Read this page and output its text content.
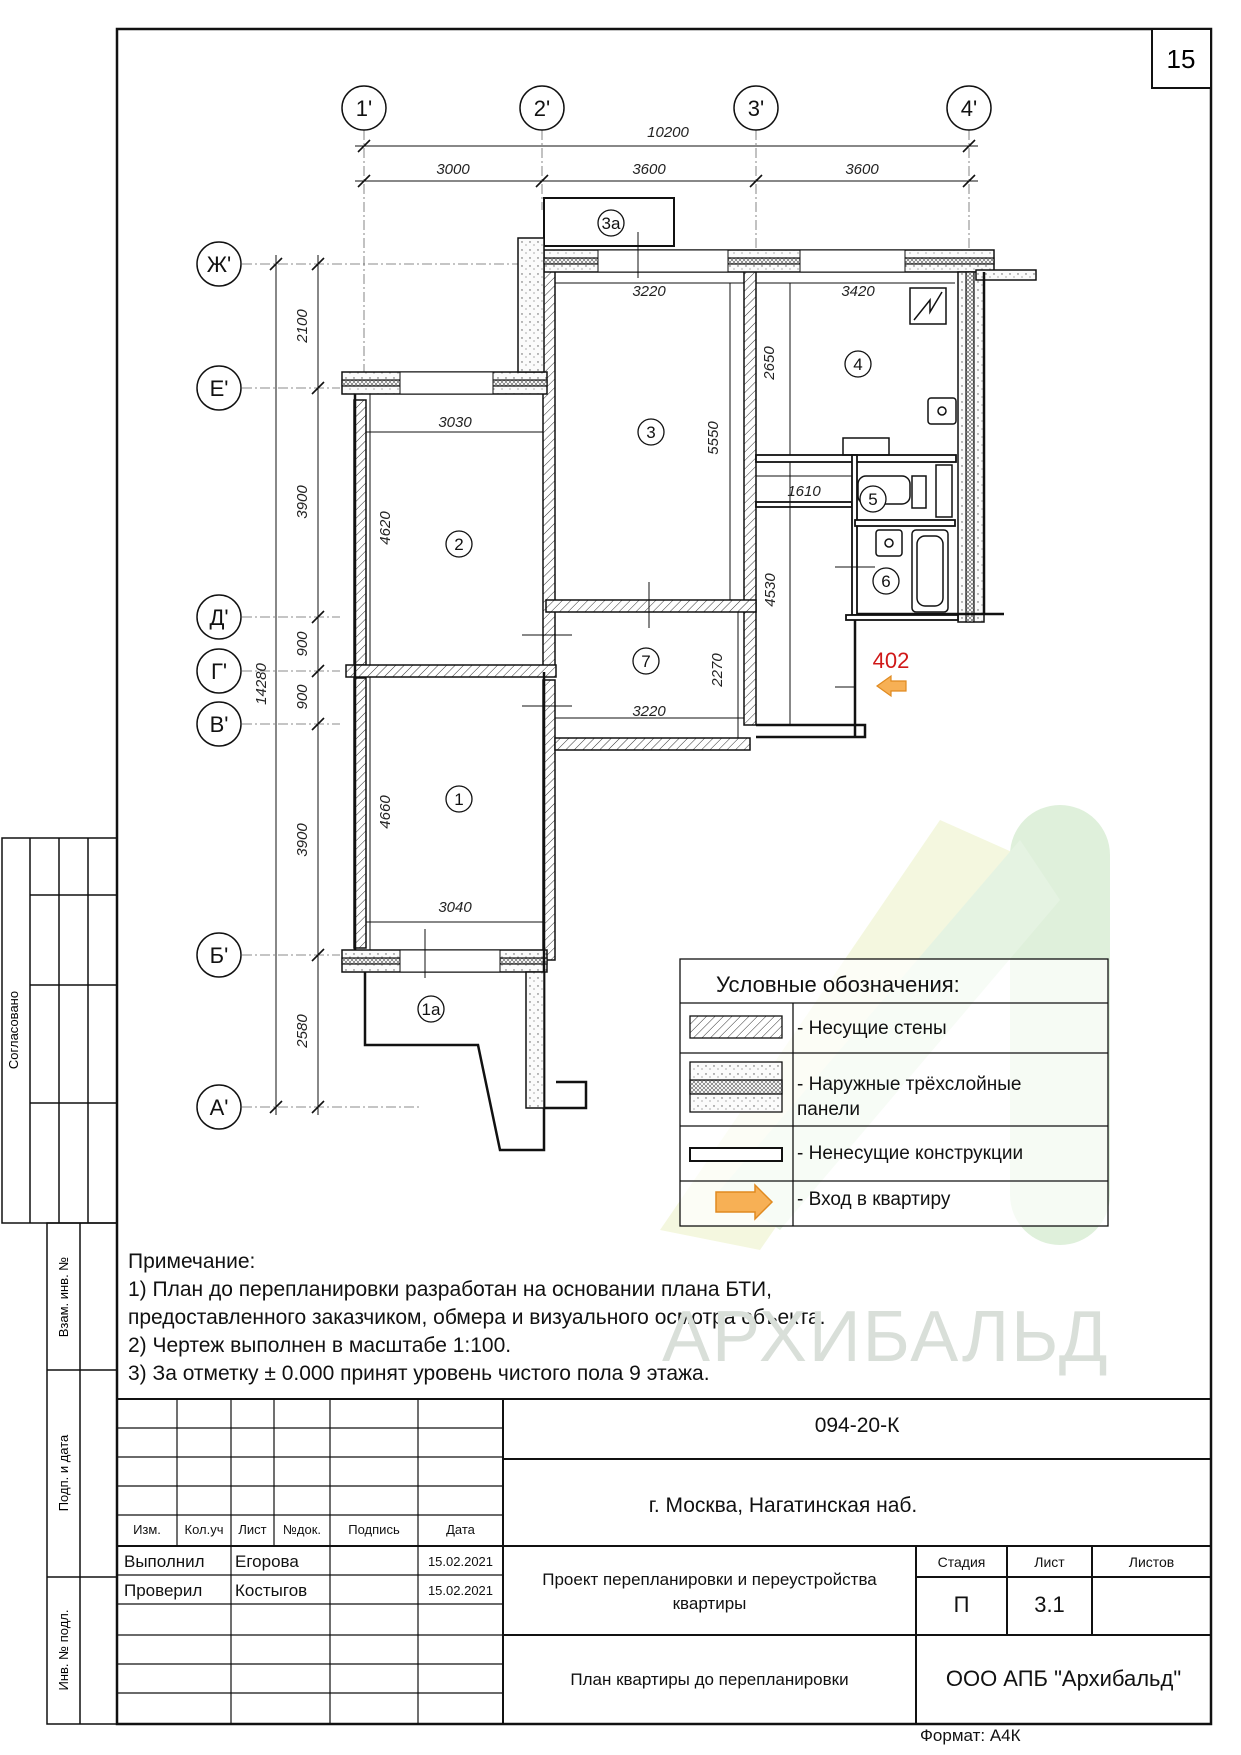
15
Согласовано
Взам. инв. №
Подп. и дата
Инв. № подл.
10200
3000	3600	3600
2100
3900
900
900
3900
2580
14280
1'	2'	3'	4'
Ж'
Е'
Д'
Г'
В'
Б'
А'
3220	3420
2650
5550
3030
4620
1610
4530
2270
3220
4660
3040
1
1а
2
3
3а
4
5
6
7	402
Условные обозначения:
- Несущие стены
- Наружные трёхслойные
панели
- Ненесущие конструкции
- Вход в квартиру
Примечание:
1) План до перепланировки разработан на основании плана БТИ,
предоставленного заказчиком, обмера и визуального осмотра объекта.
2) Чертеж выполнен в масштабе 1:100.
3) За отметку ± 0.000 принят уровень чистого пола 9 этажа.
АРХИБАЛЬД
094-20-К
г. Москва, Нагатинская наб.
Изм.	Кол.уч	Лист	№док.	Подпись	Дата
Выполнил Егорова	15.02.2021
Проверил Костыгов	15.02.2021
Проект перепланировки и переустройства
квартиры
Стадия	Лист	Листов
П	3.1
План квартиры до перепланировки	ООО АПБ "Архибальд"
Формат: А4К
